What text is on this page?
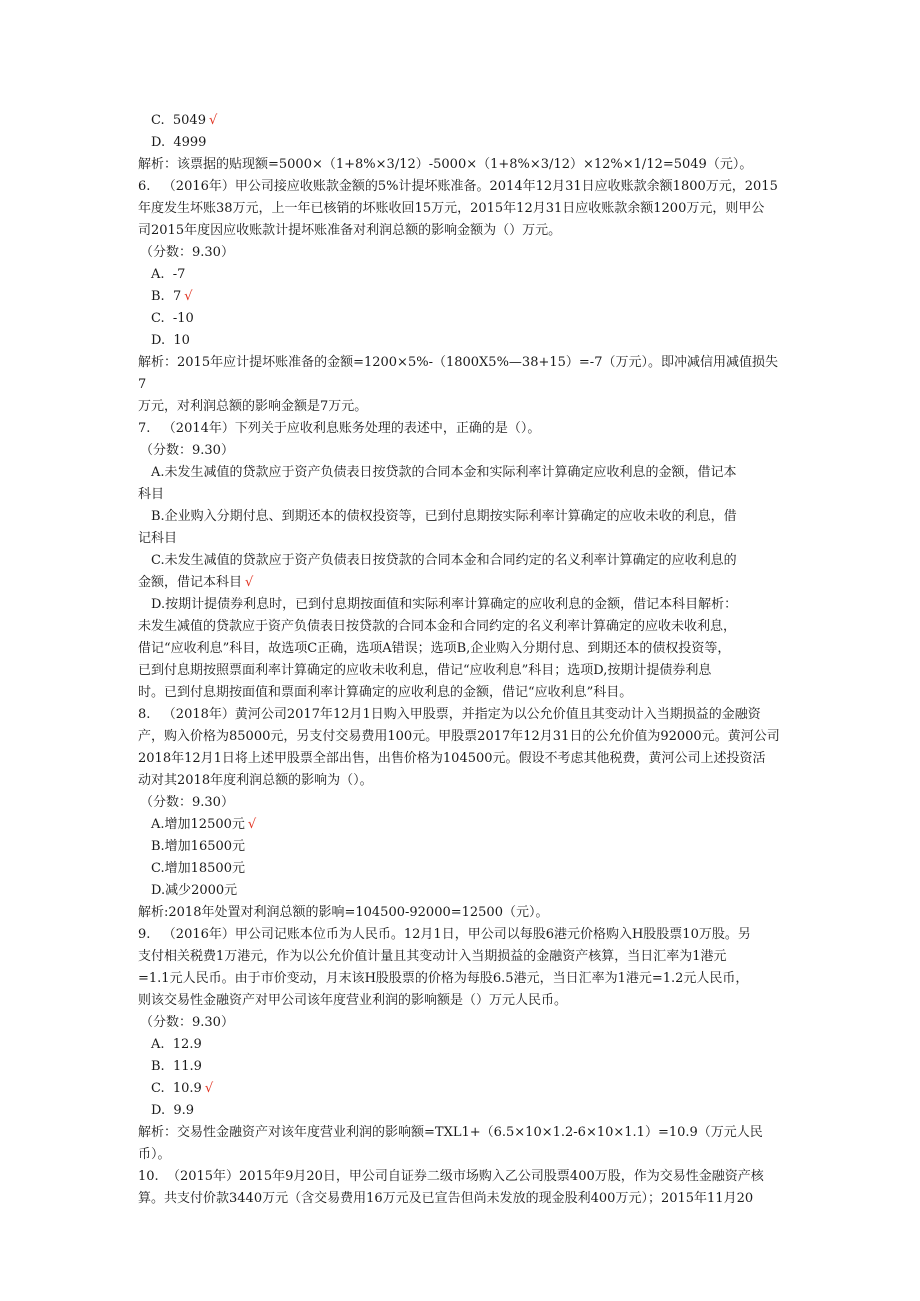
C.  5049 √
D.  4999
解析：该票据的贴现额=5000×（1+8%×3/12）-5000×（1+8%×3/12）×12%×1/12=5049（元）。
6.   （2016年）甲公司接应收账款金额的5%计提坏账准备。2014年12月31日应收账款余额1800万元，2015
年度发生坏账38万元，上一年已核销的坏账收回15万元，2015年12月31日应收账款余额1200万元，则甲公
司2015年度因应收账款计提坏账准备对利润总额的影响金额为（）万元。
（分数：9.30）
A.  -7
B.  7 √
C.  -10
D.  10
解析：2015年应计提坏账准备的金额=1200×5%-（1800X5%—38+15）=-7（万元）。即冲减信用减值损失7
万元，对利润总额的影响金额是7万元。
7.   （2014年）下列关于应收利息账务处理的表述中，正确的是（）。
（分数：9.30）
A.未发生减值的贷款应于资产负债表日按贷款的合同本金和实际利率计算确定应收利息的金额，借记本
科目
B.企业购入分期付息、到期还本的债权投资等，已到付息期按实际利率计算确定的应收未收的利息，借
记科目
C.未发生减值的贷款应于资产负债表日按贷款的合同本金和合同约定的名义利率计算确定的应收利息的
金额，借记本科目 √
D.按期计提债券利息时，已到付息期按面值和实际利率计算确定的应收利息的金额，借记本科目解析：
未发生减值的贷款应于资产负债表日按贷款的合同本金和合同约定的名义利率计算确定的应收未收利息，
借记“应收利息”科目，故选项C正确，选项A错误；选项B,企业购入分期付息、到期还本的债权投资等，
已到付息期按照票面利率计算确定的应收未收利息，借记“应收利息”科目；选项D,按期计提债券利息
时。已到付息期按面值和票面利率计算确定的应收利息的金额，借记“应收利息”科目。
8.   （2018年）黄河公司2017年12月1日购入甲股票，并指定为以公允价值且其变动计入当期损益的金融资
产，购入价格为85000元，另支付交易费用100元。甲股票2017年12月31日的公允价值为92000元。黄河公司
2018年12月1日将上述甲股票全部出售，出售价格为104500元。假设不考虑其他税费，黄河公司上述投资活
动对其2018年度利润总额的影响为（）。
（分数：9.30）
A.增加12500元 √
B.增加16500元
C.增加18500元
D.减少2000元
解析:2018年处置对利润总额的影响=104500-92000=12500（元）。
9.   （2016年）甲公司记账本位币为人民币。12月1日，甲公司以每股6港元价格购入H股股票10万股。另
支付相关税费1万港元，作为以公允价值计量且其变动计入当期损益的金融资产核算，当日汇率为1港元
=1.1元人民币。由于市价变动，月末该H股股票的价格为每股6.5港元，当日汇率为1港元=1.2元人民币，
则该交易性金融资产对甲公司该年度营业利润的影响额是（）万元人民币。
（分数：9.30）
A.  12.9
B.  11.9
C.  10.9 √
D.  9.9
解析：交易性金融资产对该年度营业利润的影响额=TXL1+（6.5×10×1.2-6×10×1.1）=10.9（万元人民
币）。
10.  （2015年）2015年9月20日，甲公司自证券二级市场购入乙公司股票400万股，作为交易性金融资产核
算。共支付价款3440万元（含交易费用16万元及已宣告但尚未发放的现金股利400万元）；2015年11月20
